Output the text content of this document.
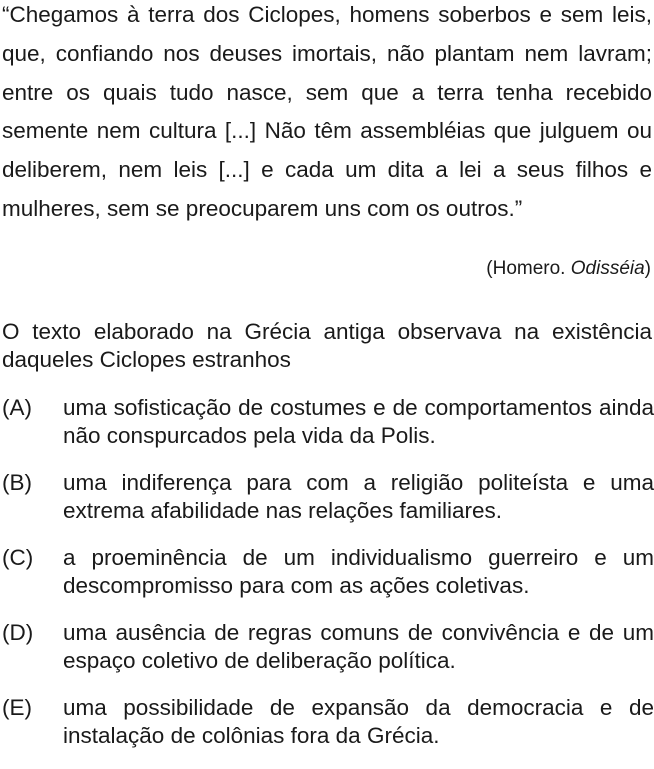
“Chegamos à terra dos Ciclopes, homens soberbos e sem leis, que, confiando nos deuses imortais, não plantam nem lavram; entre os quais tudo nasce, sem que a terra tenha recebido semente nem cultura [...] Não têm assembléias que julguem ou deliberem, nem leis [...] e cada um dita a lei a seus filhos e mulheres, sem se preocuparem uns com os outros.”

(Homero. Odisséia)

O texto elaborado na Grécia antiga observava na existência daqueles Ciclopes estranhos

(A)	uma sofisticação de costumes e de comportamentos ainda não conspurcados pela vida da Polis.
(B)	uma indiferença para com a religião politeísta e uma extrema afabilidade nas relações familiares.
(C)	a proeminência de um individualismo guerreiro e um descompromisso para com as ações coletivas.
(D)	uma ausência de regras comuns de convivência e de um espaço coletivo de deliberação política.
(E)	uma possibilidade de expansão da democracia e de instalação de colônias fora da Grécia.
